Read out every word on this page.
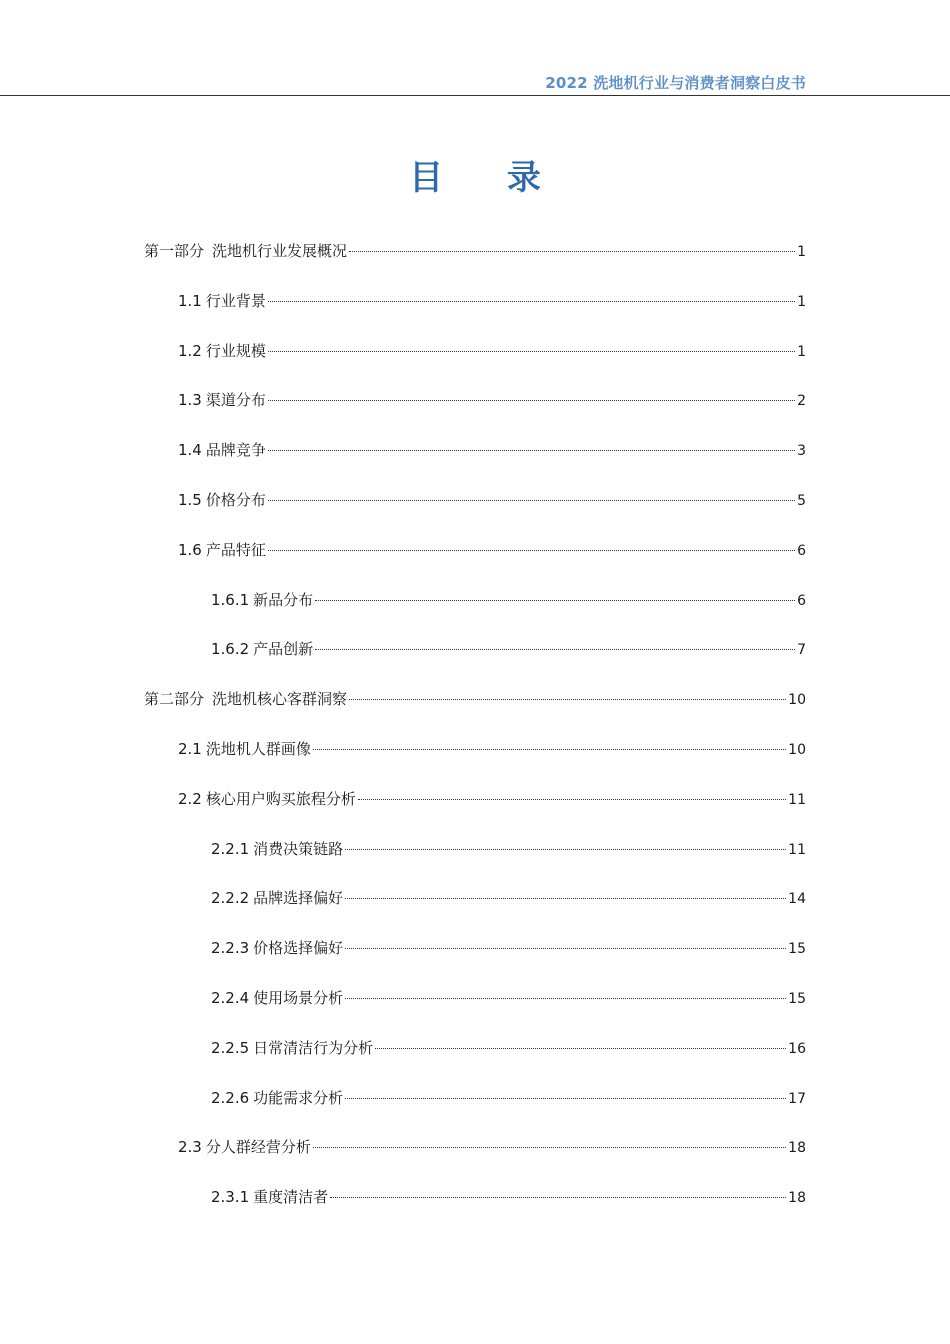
2022 洗地机行业与消费者洞察白皮书
目 录
第一部分 洗地机行业发展概况	1
1.1 行业背景	1
1.2 行业规模	1
1.3 渠道分布	2
1.4 品牌竞争	3
1.5 价格分布	5
1.6 产品特征	6
1.6.1 新品分布	6
1.6.2 产品创新	7
第二部分 洗地机核心客群洞察	10
2.1 洗地机人群画像	10
2.2 核心用户购买旅程分析	11
2.2.1 消费决策链路	11
2.2.2 品牌选择偏好	14
2.2.3 价格选择偏好	15
2.2.4 使用场景分析	15
2.2.5 日常清洁行为分析	16
2.2.6 功能需求分析	17
2.3 分人群经营分析	18
2.3.1 重度清洁者	18
